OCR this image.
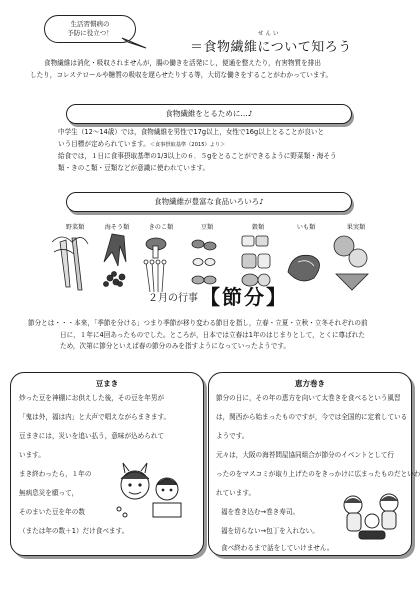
生活習慣病の
予防に役立つ！	せんい
＝食物繊維について知ろう
食物繊維は消化・吸収されませんが，腸の働きを活発にし，便通を整えたり，有害物質を排出
したり，コレステロールや糖質の吸収を遅らせたりする等，大切な働きをすることがわかっています。
食物繊維をとるために…♪
中学生（12～14歳）では，食物繊維を男性で17g以上，女性で16g以上とることが良いと
いう目標が定められています。＜食事摂取基準（2015）より＞
給食では，１日に食事摂取基準の1/3以上の６．５gをとることができるように野菜類・海そう
類・きのこ類・豆類などが意識に使われています。
食物繊維が豊富な食品いろいろ♪
野菜類	海そう類	きのこ類	豆類	穀類	いも類	果実類
２月の行事 【節分】
節分とは・・・本来，「季節を分ける」つまり季節が移り変わる節目を指し，立春・立夏・立秋・立冬それぞれの前
日に，１年に4回あったものでした。ところが，日本では立春は1年のはじまりとして，とくに尊ばれた
ため，次第に節分といえば春の節分のみを指すようになっていったようです。
豆まき
炒った豆を神棚にお供えした後，その豆を年男が
「鬼は外，福は内」と大声で唱えながらまきます。
豆まきには，災いを追い払う，意味が込められて
います。
まき終わったら，１年の
無病息災を願って，
そのまいた豆を年の数
（または年の数＋1）だけ食べます。
恵方巻き
節分の日に，その年の恵方を向いて太巻きを食べるという風習
は，関西から始まったものですが，今では全国的に定着している
ようです。
元々は，大阪の海苔問屋協同組合が節分のイベントとして行
ったのをマスコミが取り上げたのをきっかけに広まったものだといわ
れています。
福を巻き込む→巻き寿司。
福を切らない→包丁を入れない。
食べ終わるまで話をしていけません。
